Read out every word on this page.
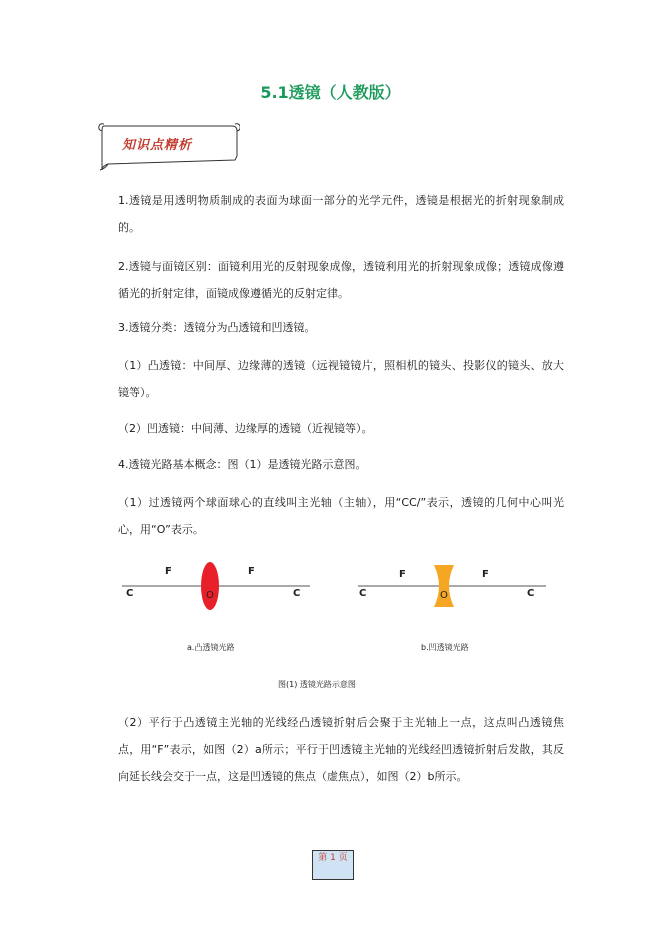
5.1透镜（人教版）
知识点精析

1.透镜是用透明物质制成的表面为球面一部分的光学元件，透镜是根据光的折射现象制成的。

2.透镜与面镜区别：面镜利用光的反射现象成像，透镜利用光的折射现象成像；透镜成像遵循光的折射定律，面镜成像遵循光的反射定律。

3.透镜分类：透镜分为凸透镜和凹透镜。

（1）凸透镜：中间厚、边缘薄的透镜（远视镜镜片，照相机的镜头、投影仪的镜头、放大镜等）。

（2）凹透镜：中间薄、边缘厚的透镜（近视镜等）。

4.透镜光路基本概念：图（1）是透镜光路示意图。

（1）过透镜两个球面球心的直线叫主光轴（主轴），用“CC/”表示，透镜的几何中心叫光心，用“O”表示。

F	F
C	C
O
a.凸透镜光路
F	F
C	C
O
b.凹透镜光路
图(1) 透镜光路示意图

（2）平行于凸透镜主光轴的光线经凸透镜折射后会聚于主光轴上一点，这点叫凸透镜焦点，用“F”表示，如图（2）a所示；平行于凹透镜主光轴的光线经凹透镜折射后发散，其反向延长线会交于一点，这是凹透镜的焦点（虚焦点），如图（2）b所示。

第 1 页
